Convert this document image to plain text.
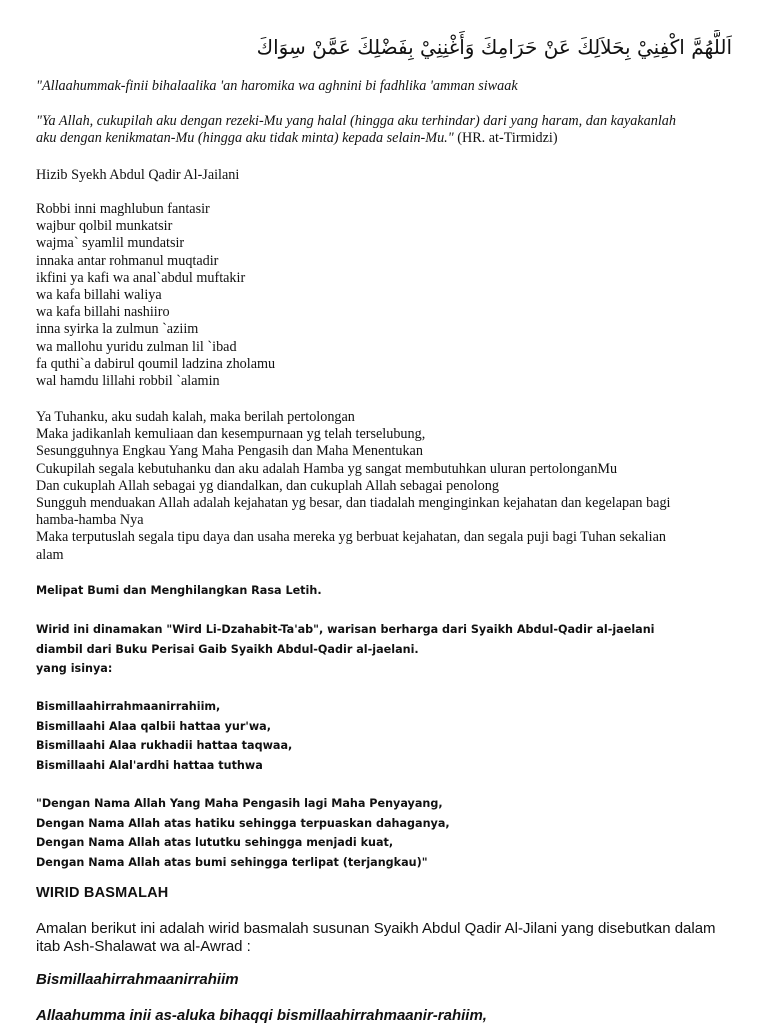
اَللَّهُمَّ اكْفِنِيْ بِحَلاَلِكَ عَنْ حَرَامِكَ وَأَغْنِنِيْ بِفَضْلِكَ عَمَّنْ سِوَاكَ
"Allaahummak-finii bihalaalika 'an haromika wa aghnini bi fadhlika 'amman siwaak
"Ya Allah, cukupilah aku dengan rezeki-Mu yang halal (hingga aku terhindar) dari yang haram, dan kayakanlah
aku dengan kenikmatan-Mu (hingga aku tidak minta) kepada selain-Mu." (HR. at-Tirmidzi)
Hizib Syekh Abdul Qadir Al-Jailani
Robbi inni maghlubun fantasir
wajbur qolbil munkatsir
wajma` syamlil mundatsir
innaka antar rohmanul muqtadir
ikfini ya kafi wa anal`abdul muftakir
wa kafa billahi waliya
wa kafa billahi nashiiro
inna syirka la zulmun `aziim
wa mallohu yuridu zulman lil `ibad
fa quthi`a dabirul qoumil ladzina zholamu
wal hamdu lillahi robbil `alamin
Ya Tuhanku, aku sudah kalah, maka berilah pertolongan
Maka jadikanlah kemuliaan dan kesempurnaan yg telah terselubung,
Sesungguhnya Engkau Yang Maha Pengasih dan Maha Menentukan
Cukupilah segala kebutuhanku dan aku adalah Hamba yg sangat membutuhkan uluran pertolonganMu
Dan cukuplah Allah sebagai yg diandalkan, dan cukuplah Allah sebagai penolong
Sungguh menduakan Allah adalah kejahatan yg besar, dan tiadalah menginginkan kejahatan dan kegelapan bagi
hamba-hamba Nya
Maka terputuslah segala tipu daya dan usaha mereka yg berbuat kejahatan, dan segala puji bagi Tuhan sekalian
alam
Melipat Bumi dan Menghilangkan Rasa Letih.
Wirid ini dinamakan "Wird Li-Dzahabit-Ta'ab", warisan berharga dari Syaikh Abdul-Qadir al-jaelani
diambil dari Buku Perisai Gaib Syaikh Abdul-Qadir al-jaelani.
yang isinya:
Bismillaahirrahmaanirrahiim,
Bismillaahi Alaa qalbii hattaa yur'wa,
Bismillaahi Alaa rukhadii hattaa taqwaa,
Bismillaahi Alal'ardhi hattaa tuthwa
"Dengan Nama Allah Yang Maha Pengasih lagi Maha Penyayang,
Dengan Nama Allah atas hatiku sehingga terpuaskan dahaganya,
Dengan Nama Allah atas lututku sehingga menjadi kuat,
Dengan Nama Allah atas bumi sehingga terlipat (terjangkau)"
WIRID BASMALAH
Amalan berikut ini adalah wirid basmalah susunan Syaikh Abdul Qadir Al-Jilani yang disebutkan dalam
itab Ash-Shalawat wa al-Awrad :
Bismillaahirrahmaanirrahiim
Allaahumma inii as-aluka bihaqqi bismillaahirrahmaanir-rahiim,
